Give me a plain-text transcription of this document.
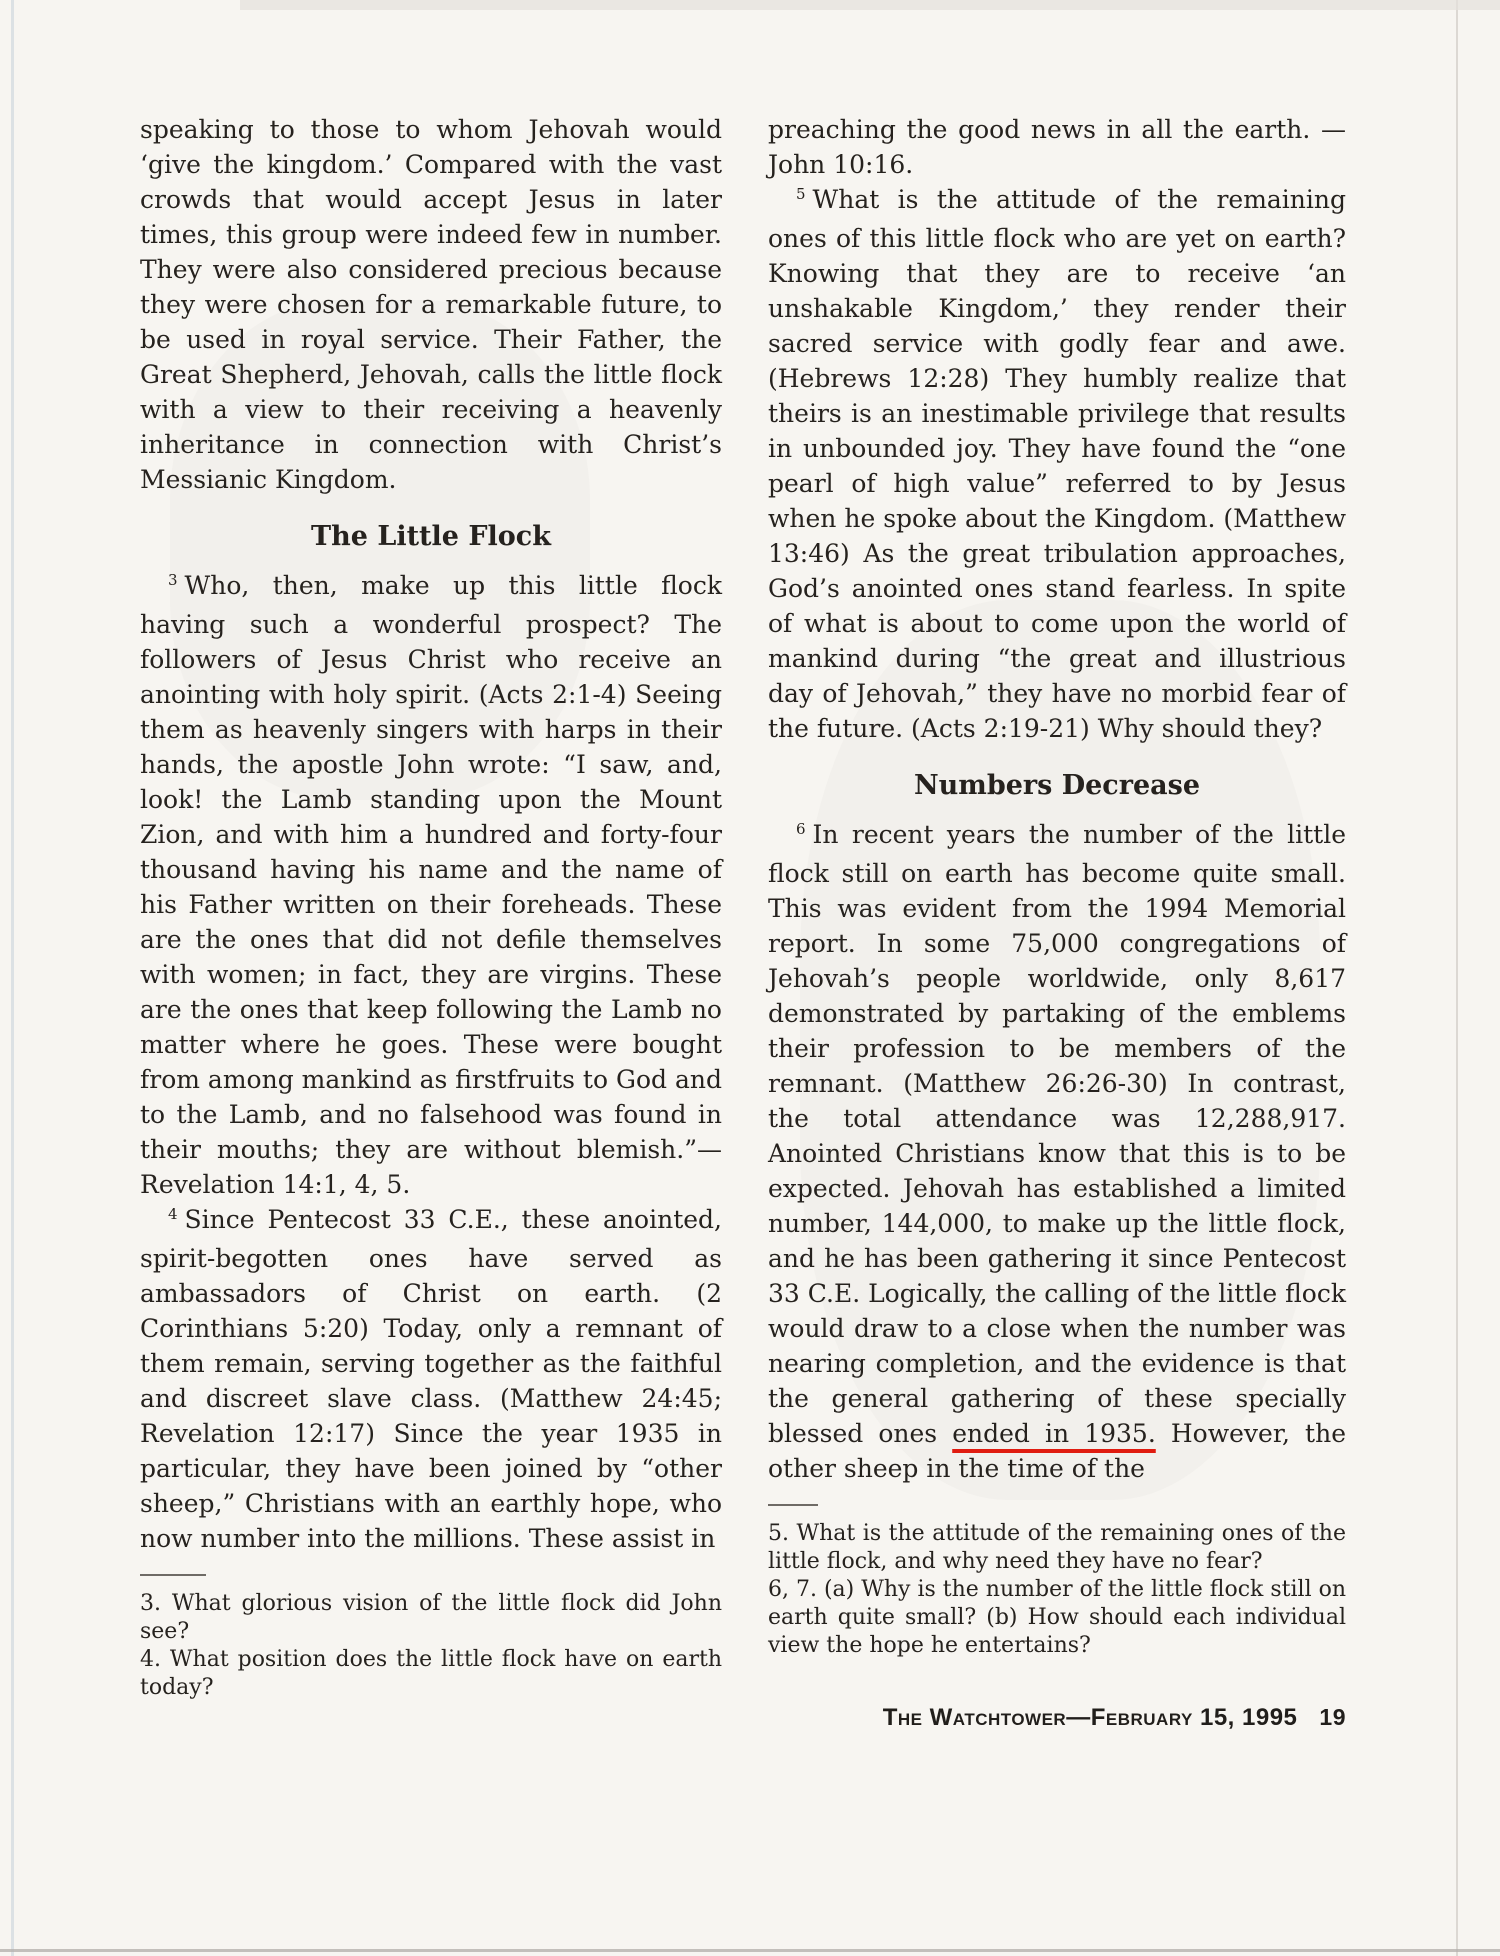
speaking to those to whom Jehovah would ‘give the kingdom.’ Compared with the vast crowds that would accept Jesus in later times, this group were indeed few in number. They were also considered precious because they were chosen for a remarkable future, to be used in royal service. Their Father, the Great Shepherd, Jehovah, calls the little flock with a view to their receiving a heavenly inheritance in connection with Christ’s Messianic Kingdom.

The Little Flock

$^3$ Who, then, make up this little flock having such a wonderful prospect? The followers of Jesus Christ who receive an anointing with holy spirit. (Acts 2:1-4) Seeing them as heavenly singers with harps in their hands, the apostle John wrote: “I saw, and, look! the Lamb standing upon the Mount Zion, and with him a hundred and forty-four thousand having his name and the name of his Father written on their foreheads. These are the ones that did not defile themselves with women; in fact, they are virgins. These are the ones that keep following the Lamb no matter where he goes. These were bought from among mankind as firstfruits to God and to the Lamb, and no falsehood was found in their mouths; they are without blemish.”—Revelation 14:1, 4, 5.

$^4$ Since Pentecost 33 C.E., these anointed, spirit-begotten ones have served as ambassadors of Christ on earth. (2 Corinthians 5:20) Today, only a remnant of them remain, serving together as the faithful and discreet slave class. (Matthew 24:45; Revelation 12:17) Since the year 1935 in particular, they have been joined by “other sheep,” Christians with an earthly hope, who now number into the millions. These assist in

3. What glorious vision of the little flock did John see?

4. What position does the little flock have on earth today?

preaching the good news in all the earth. —John 10:16.

$^5$ What is the attitude of the remaining ones of this little flock who are yet on earth? Knowing that they are to receive ‘an unshakable Kingdom,’ they render their sacred service with godly fear and awe. (Hebrews 12:28) They humbly realize that theirs is an inestimable privilege that results in unbounded joy. They have found the “one pearl of high value” referred to by Jesus when he spoke about the Kingdom. (Matthew 13:46) As the great tribulation approaches, God’s anointed ones stand fearless. In spite of what is about to come upon the world of mankind during “the great and illustrious day of Jehovah,” they have no morbid fear of the future. (Acts 2:19-21) Why should they?

Numbers Decrease

$^6$ In recent years the number of the little flock still on earth has become quite small. This was evident from the 1994 Memorial report. In some 75,000 congregations of Jehovah’s people worldwide, only 8,617 demonstrated by partaking of the emblems their profession to be members of the remnant. (Matthew 26:26-30) In contrast, the total attendance was 12,288,917. Anointed Christians know that this is to be expected. Jehovah has established a limited number, 144,000, to make up the little flock, and he has been gathering it since Pentecost 33 C.E. Logically, the calling of the little flock would draw to a close when the number was nearing completion, and the evidence is that the general gathering of these specially blessed ones ended in 1935. However, the other sheep in the time of the

5. What is the attitude of the remaining ones of the little flock, and why need they have no fear?

6, 7. (a) Why is the number of the little flock still on earth quite small? (b) How should each individual view the hope he entertains?

The Watchtower—February 15, 1995 19
